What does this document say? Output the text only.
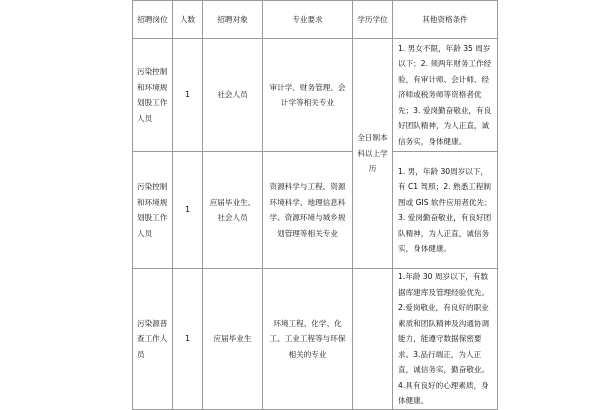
招聘岗位	人数	招聘对象	专业要求	学历学位	其他资格条件
污染控制和环境规划股工作人员	1	社会人员	审计学、财务管理、会计学等相关专业	全日制本科以上学历	1. 男女不限，年龄 35 周岁以下；2. 须两年财务工作经验，有审计师、会计师、经济师或税务师等资格者优先；3. 爱岗勤奋敬业，有良好团队精神，为人正直，诚信务实，身体健康。
污染控制和环境规划股工作人员	1	应届毕业生、社会人员	资源科学与工程、资源环境科学、地理信息科学、资源环境与城乡规划管理等相关专业		1. 男，年龄 30周岁以下，有 C1 驾照；2. 熟悉工程制图或 GIS 软件应用者优先；3. 爱岗勤奋敬业，有良好团队精神，为人正直，诚信务实，身体健康。
污染源普查工作人员	1	应届毕业生	环境工程、化学、化工、工业工程等与环保相关的专业		1.年龄 30 周岁以下，有数据库建库及管理经验优先。2.爱岗敬业，有良好的职业素质和团队精神及沟通协调能力，能遵守数据保密要求。3.品行端正，为人正直，诚信务实，勤奋敬业。4.具有良好的心理素质，身体健康。
